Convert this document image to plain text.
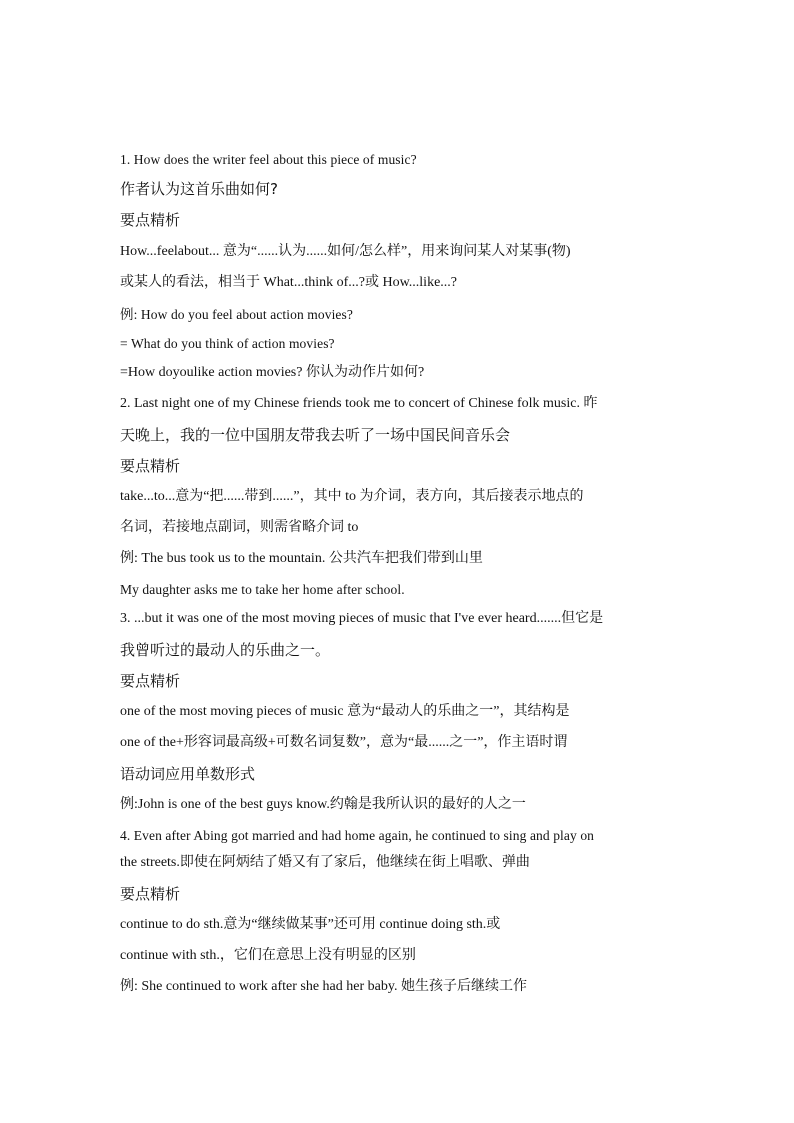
1. How does the writer feel about this piece of music?
作者认为这首乐曲如何?
要点精析
How...feelabout... 意为“......认为......如何/怎么样”，用来询问某人对某事(物)
或某人的看法，相当于 What...think of...?或 How...like...?
例: How do you feel about action movies?
= What do you think of action movies?
=How doyoulike action movies? 你认为动作片如何?
2. Last night one of my Chinese friends took me to concert of Chinese folk music. 昨
天晚上，我的一位中国朋友带我去听了一场中国民间音乐会
要点精析
take...to...意为“把......带到......”，其中 to 为介词，表方向，其后接表示地点的
名词，若接地点副词，则需省略介词 to
例: The bus took us to the mountain. 公共汽车把我们带到山里
My daughter asks me to take her home after school.
3. ...but it was one of the most moving pieces of music that I've ever heard.......但它是
我曾听过的最动人的乐曲之一。
要点精析
one of the most moving pieces of music 意为“最动人的乐曲之一”，其结构是
one of the+形容词最高级+可数名词复数”，意为“最......之一”，作主语时谓
语动词应用单数形式
例:John is one of the best guys know.约翰是我所认识的最好的人之一
4. Even after Abing got married and had home again, he continued to sing and play on
the streets.即使在阿炳结了婚又有了家后，他继续在街上唱歌、弹曲
要点精析
continue to do sth.意为“继续做某事”还可用 continue doing sth.或
continue with sth.，它们在意思上没有明显的区别
例: She continued to work after she had her baby. 她生孩子后继续工作
